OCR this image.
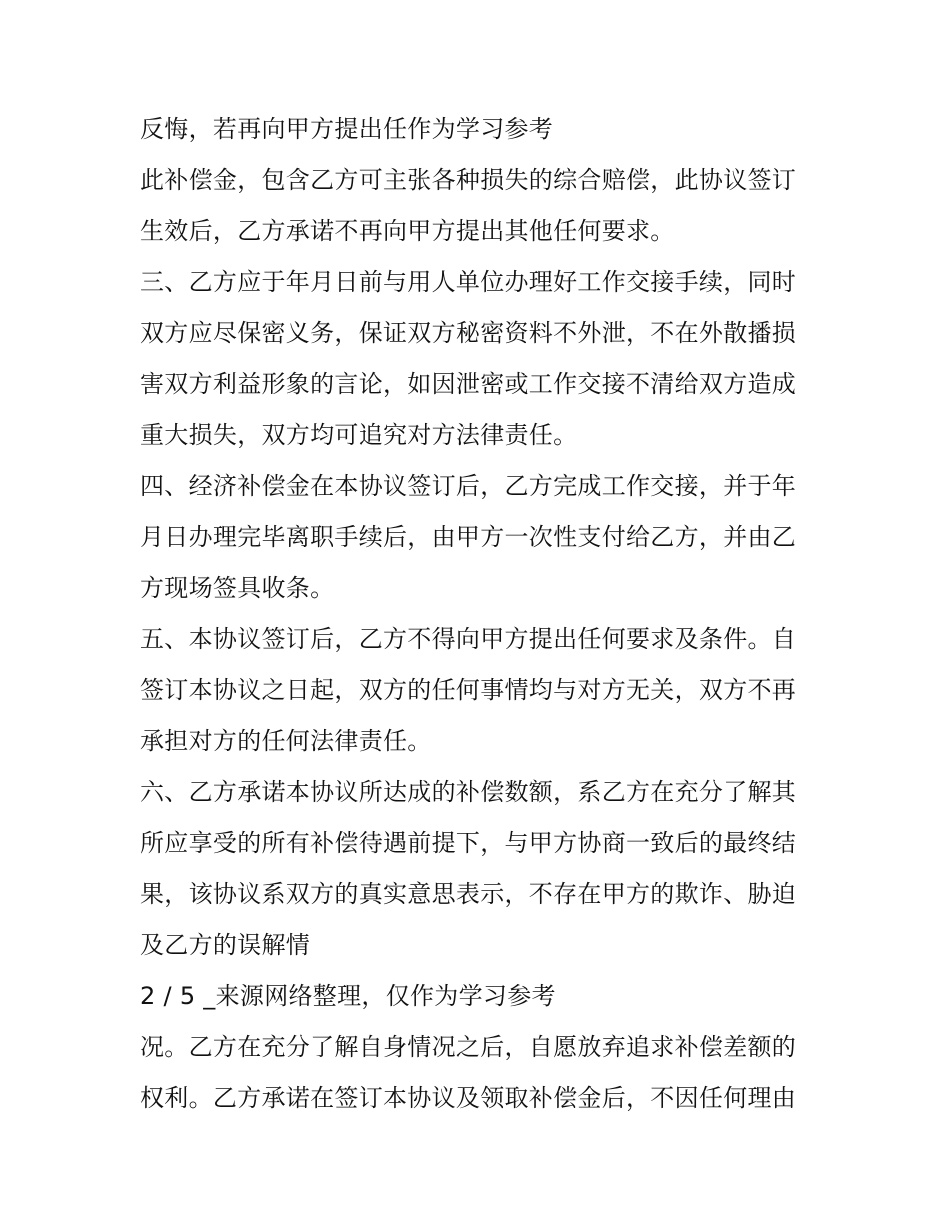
反悔，若再向甲方提出任作为学习参考
此补偿金，包含乙方可主张各种损失的综合赔偿，此协议签订
生效后，乙方承诺不再向甲方提出其他任何要求。
三、乙方应于年月日前与用人单位办理好工作交接手续，同时
双方应尽保密义务，保证双方秘密资料不外泄，不在外散播损
害双方利益形象的言论，如因泄密或工作交接不清给双方造成
重大损失，双方均可追究对方法律责任。
四、经济补偿金在本协议签订后，乙方完成工作交接，并于年
月日办理完毕离职手续后，由甲方一次性支付给乙方，并由乙
方现场签具收条。
五、本协议签订后，乙方不得向甲方提出任何要求及条件。自
签订本协议之日起，双方的任何事情均与对方无关，双方不再
承担对方的任何法律责任。
六、乙方承诺本协议所达成的补偿数额，系乙方在充分了解其
所应享受的所有补偿待遇前提下，与甲方协商一致后的最终结
果，该协议系双方的真实意思表示，不存在甲方的欺诈、胁迫
及乙方的误解情
2 / 5 _来源网络整理，仅作为学习参考
况。乙方在充分了解自身情况之后，自愿放弃追求补偿差额的
权利。乙方承诺在签订本协议及领取补偿金后，不因任何理由
